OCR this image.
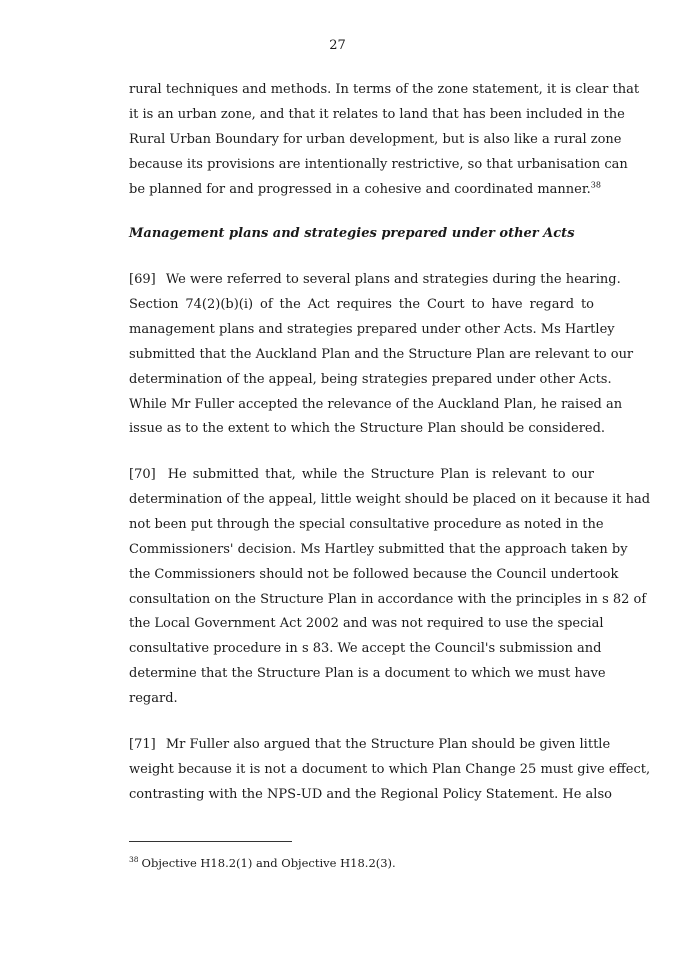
27
rural techniques and methods. In terms of the zone statement, it is clear that
it is an urban zone, and that it relates to land that has been included in the
Rural Urban Boundary for urban development, but is also like a rural zone
because its provisions are intentionally restrictive, so that urbanisation can
be planned for and progressed in a cohesive and coordinated manner.$^{38}$
Management plans and strategies prepared under other Acts
[69] We were referred to several plans and strategies during the hearing.
Section 74(2)(b)(i) of the Act requires the Court to have regard to
management plans and strategies prepared under other Acts. Ms Hartley
submitted that the Auckland Plan and the Structure Plan are relevant to our
determination of the appeal, being strategies prepared under other Acts.
While Mr Fuller accepted the relevance of the Auckland Plan, he raised an
issue as to the extent to which the Structure Plan should be considered.
[70] He submitted that, while the Structure Plan is relevant to our
determination of the appeal, little weight should be placed on it because it had
not been put through the special consultative procedure as noted in the
Commissioners' decision. Ms Hartley submitted that the approach taken by
the Commissioners should not be followed because the Council undertook
consultation on the Structure Plan in accordance with the principles in s 82 of
the Local Government Act 2002 and was not required to use the special
consultative procedure in s 83. We accept the Council's submission and
determine that the Structure Plan is a document to which we must have
regard.
[71] Mr Fuller also argued that the Structure Plan should be given little
weight because it is not a document to which Plan Change 25 must give effect,
contrasting with the NPS-UD and the Regional Policy Statement. He also
$^{38}$ Objective H18.2(1) and Objective H18.2(3).
